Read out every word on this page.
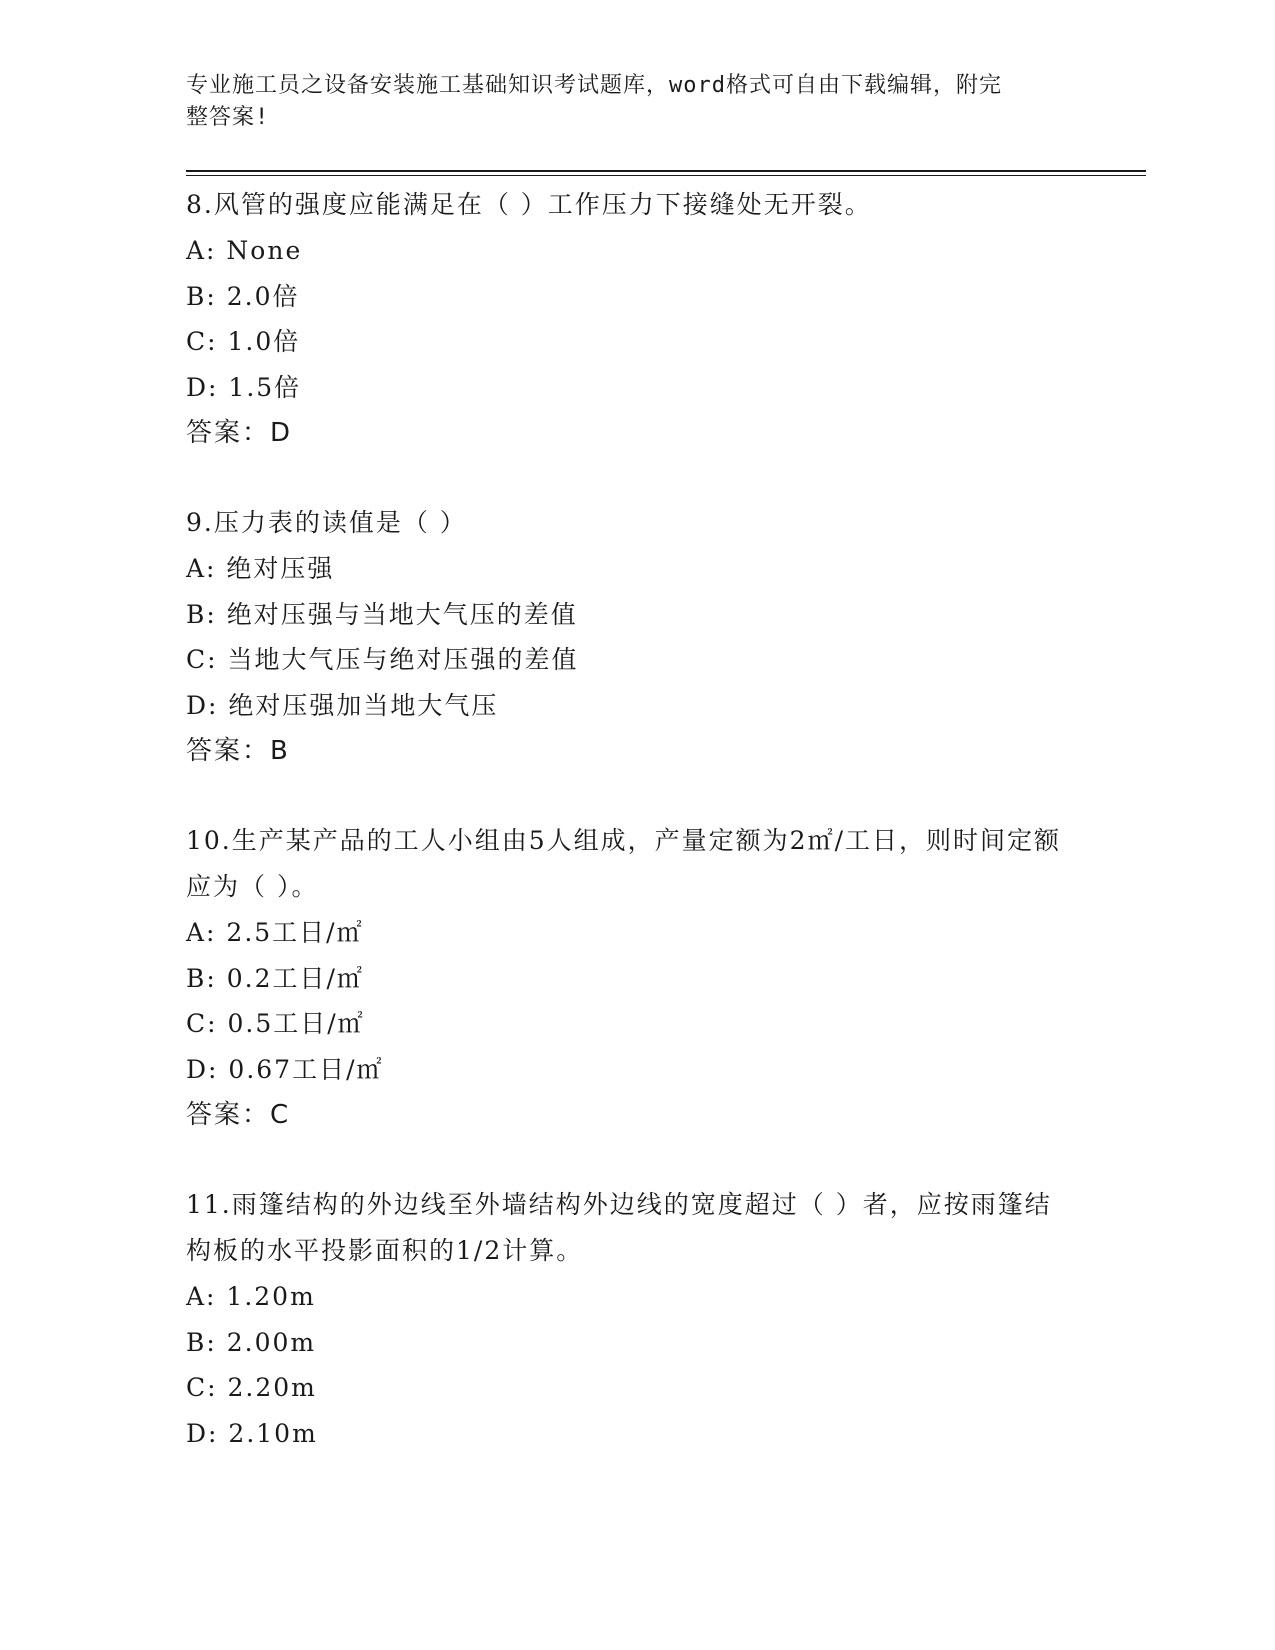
专业施工员之设备安装施工基础知识考试题库，word格式可自由下载编辑，附完
整答案!

8.风管的强度应能满足在（ ）工作压力下接缝处无开裂。

A: None

B: 2.0倍

C: 1.0倍

D: 1.5倍

答案：D

9.压力表的读值是（ ）

A: 绝对压强

B: 绝对压强与当地大气压的差值

C: 当地大气压与绝对压强的差值

D: 绝对压强加当地大气压

答案：B

10.生产某产品的工人小组由5人组成，产量定额为2㎡/工日，则时间定额应为（ ）。

A: 2.5工日/㎡

B: 0.2工日/㎡

C: 0.5工日/㎡

D: 0.67工日/㎡

答案：C

11.雨篷结构的外边线至外墙结构外边线的宽度超过（ ）者，应按雨篷结构板的水平投影面积的1/2计算。

A: 1.20m

B: 2.00m

C: 2.20m

D: 2.10m
